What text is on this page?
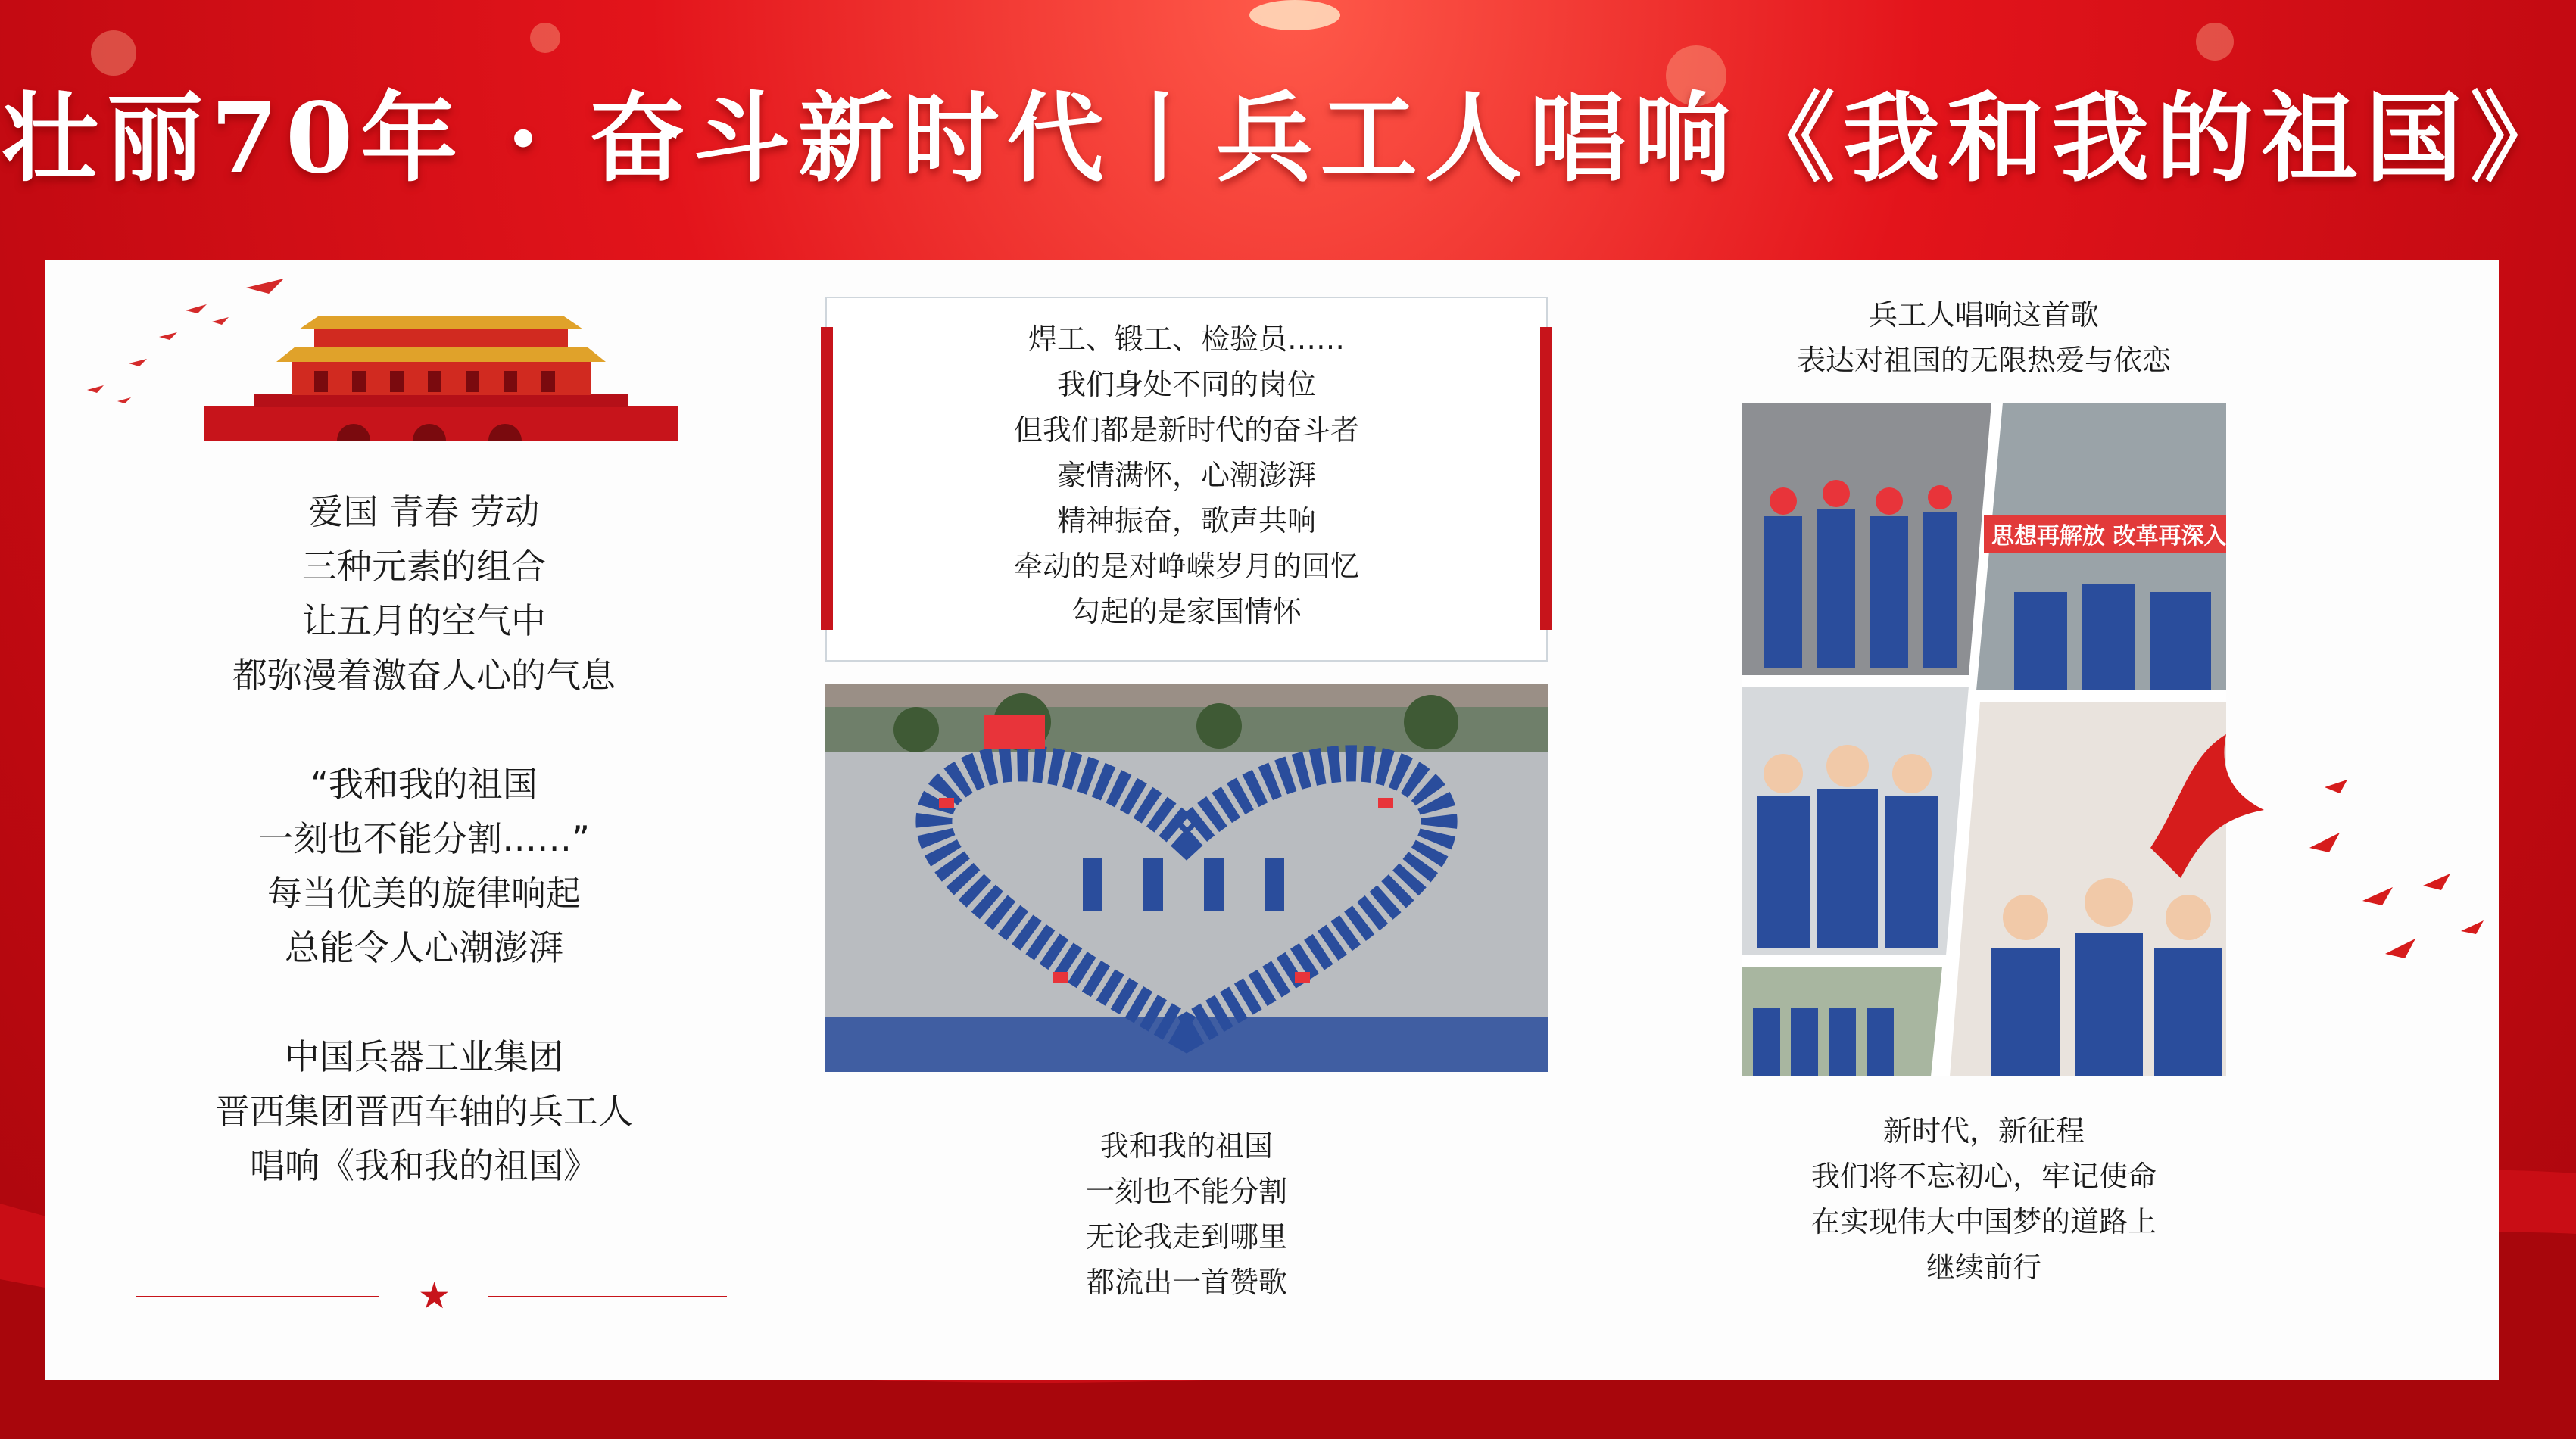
壮丽70年 · 奋斗新时代丨兵工人唱响《我和我的祖国》
爱国 青春 劳动
三种元素的组合
让五月的空气中
都弥漫着激奋人心的气息
“我和我的祖国
一刻也不能分割……”
每当优美的旋律响起
总能令人心潮澎湃
中国兵器工业集团
晋西集团晋西车轴的兵工人
唱响《我和我的祖国》
★
焊工、锻工、检验员……
我们身处不同的岗位
但我们都是新时代的奋斗者
豪情满怀，心潮澎湃
精神振奋，歌声共响
牵动的是对峥嵘岁月的回忆
勾起的是家国情怀
我和我的祖国
一刻也不能分割
无论我走到哪里
都流出一首赞歌
兵工人唱响这首歌
表达对祖国的无限热爱与依恋
思想再解放 改革再深入
新时代，新征程
我们将不忘初心，牢记使命
在实现伟大中国梦的道路上
继续前行
